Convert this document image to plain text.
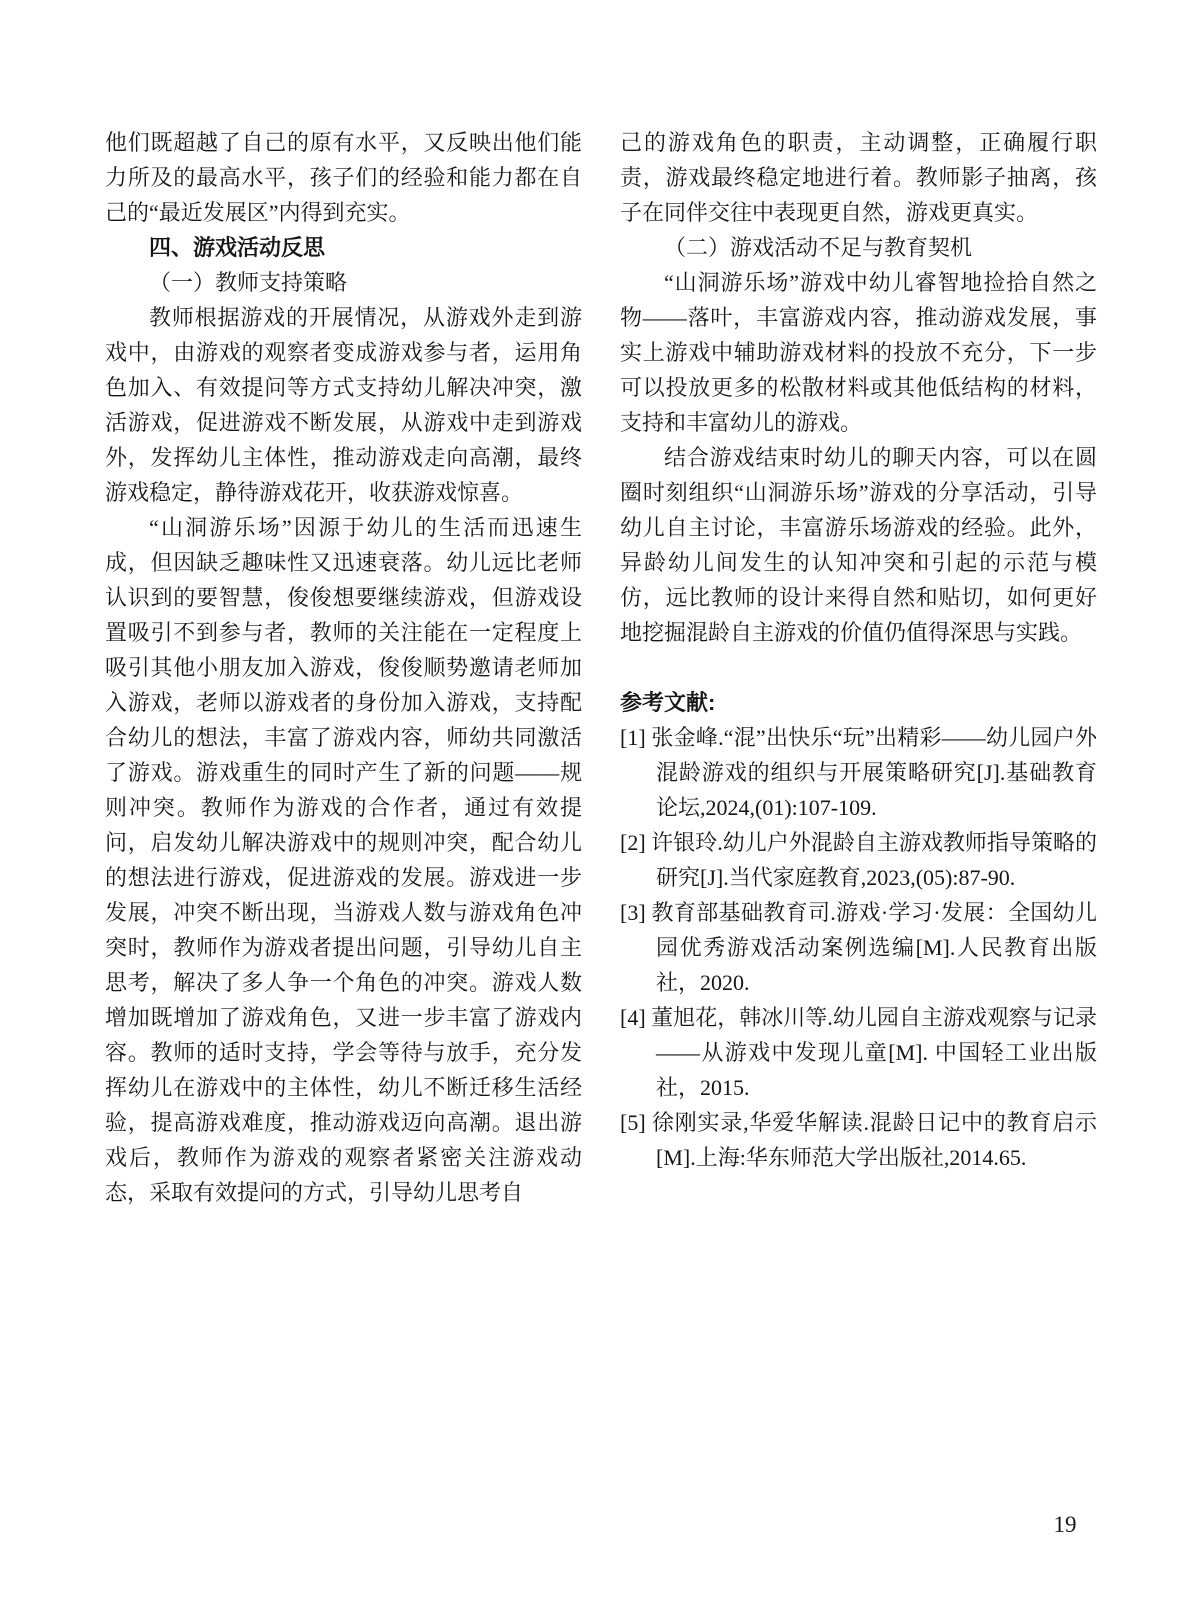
他们既超越了自己的原有水平，又反映出他们能力所及的最高水平，孩子们的经验和能力都在自己的“最近发展区”内得到充实。
四、游戏活动反思
（一）教师支持策略
教师根据游戏的开展情况，从游戏外走到游戏中，由游戏的观察者变成游戏参与者，运用角色加入、有效提问等方式支持幼儿解决冲突，激活游戏，促进游戏不断发展，从游戏中走到游戏外，发挥幼儿主体性，推动游戏走向高潮，最终游戏稳定，静待游戏花开，收获游戏惊喜。
“山洞游乐场”因源于幼儿的生活而迅速生成，但因缺乏趣味性又迅速衰落。幼儿远比老师认识到的要智慧，俊俊想要继续游戏，但游戏设置吸引不到参与者，教师的关注能在一定程度上吸引其他小朋友加入游戏，俊俊顺势邀请老师加入游戏，老师以游戏者的身份加入游戏，支持配合幼儿的想法，丰富了游戏内容，师幼共同激活了游戏。游戏重生的同时产生了新的问题——规则冲突。教师作为游戏的合作者，通过有效提问，启发幼儿解决游戏中的规则冲突，配合幼儿的想法进行游戏，促进游戏的发展。游戏进一步发展，冲突不断出现，当游戏人数与游戏角色冲突时，教师作为游戏者提出问题，引导幼儿自主思考，解决了多人争一个角色的冲突。游戏人数增加既增加了游戏角色，又进一步丰富了游戏内容。教师的适时支持，学会等待与放手，充分发挥幼儿在游戏中的主体性，幼儿不断迁移生活经验，提高游戏难度，推动游戏迈向高潮。退出游戏后，教师作为游戏的观察者紧密关注游戏动态，采取有效提问的方式，引导幼儿思考自
己的游戏角色的职责，主动调整，正确履行职责，游戏最终稳定地进行着。教师影子抽离，孩子在同伴交往中表现更自然，游戏更真实。
（二）游戏活动不足与教育契机
“山洞游乐场”游戏中幼儿睿智地捡拾自然之物——落叶，丰富游戏内容，推动游戏发展，事实上游戏中辅助游戏材料的投放不充分，下一步可以投放更多的松散材料或其他低结构的材料，支持和丰富幼儿的游戏。
结合游戏结束时幼儿的聊天内容，可以在圆圈时刻组织“山洞游乐场”游戏的分享活动，引导幼儿自主讨论，丰富游乐场游戏的经验。此外，异龄幼儿间发生的认知冲突和引起的示范与模仿，远比教师的设计来得自然和贴切，如何更好地挖掘混龄自主游戏的价值仍值得深思与实践。
参考文献:
[1] 张金峰.“混”出快乐“玩”出精彩——幼儿园户外混龄游戏的组织与开展策略研究[J].基础教育论坛,2024,(01):107-109.
[2] 许银玲.幼儿户外混龄自主游戏教师指导策略的研究[J].当代家庭教育,2023,(05):87-90.
[3] 教育部基础教育司.游戏·学习·发展：全国幼儿园优秀游戏活动案例选编[M].人民教育出版社，2020.
[4] 董旭花，韩冰川等.幼儿园自主游戏观察与记录——从游戏中发现儿童[M]. 中国轻工业出版社，2015.
[5] 徐刚实录,华爱华解读.混龄日记中的教育启示[M].上海:华东师范大学出版社,2014.65.
19
